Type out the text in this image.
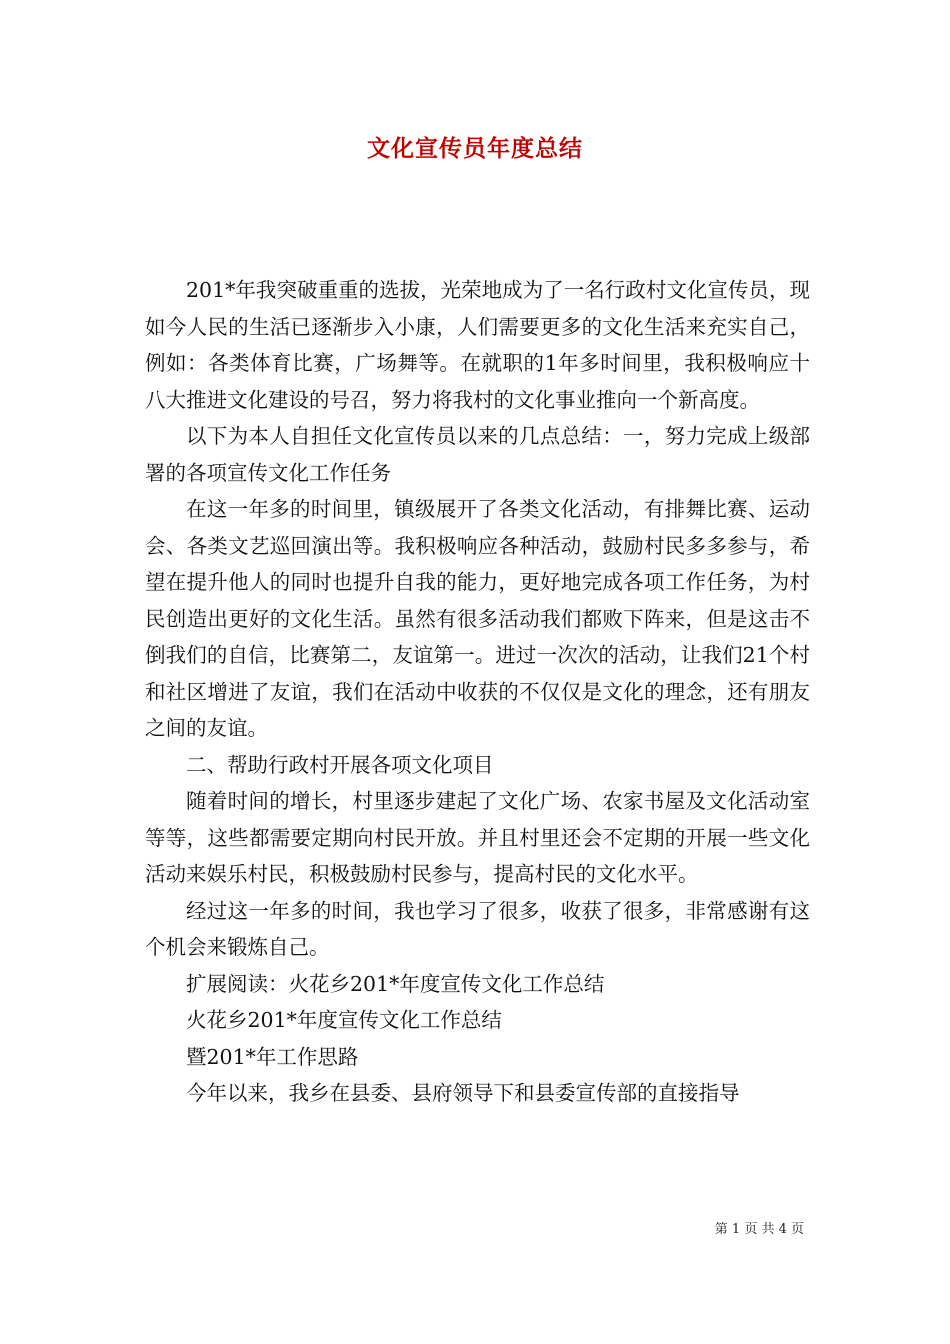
文化宣传员年度总结

201*年我突破重重的选拔，光荣地成为了一名行政村文化宣传员，现如今人民的生活已逐渐步入小康，人们需要更多的文化生活来充实自己，例如：各类体育比赛，广场舞等。在就职的1年多时间里，我积极响应十八大推进文化建设的号召，努力将我村的文化事业推向一个新高度。

以下为本人自担任文化宣传员以来的几点总结：一，努力完成上级部署的各项宣传文化工作任务

在这一年多的时间里，镇级展开了各类文化活动，有排舞比赛、运动会、各类文艺巡回演出等。我积极响应各种活动，鼓励村民多多参与，希望在提升他人的同时也提升自我的能力，更好地完成各项工作任务，为村民创造出更好的文化生活。虽然有很多活动我们都败下阵来，但是这击不倒我们的自信，比赛第二，友谊第一。进过一次次的活动，让我们21个村和社区增进了友谊，我们在活动中收获的不仅仅是文化的理念，还有朋友之间的友谊。

二、帮助行政村开展各项文化项目

随着时间的增长，村里逐步建起了文化广场、农家书屋及文化活动室等等，这些都需要定期向村民开放。并且村里还会不定期的开展一些文化活动来娱乐村民，积极鼓励村民参与，提高村民的文化水平。

经过这一年多的时间，我也学习了很多，收获了很多，非常感谢有这个机会来锻炼自己。

扩展阅读：火花乡201*年度宣传文化工作总结

火花乡201*年度宣传文化工作总结

暨201*年工作思路

今年以来，我乡在县委、县府领导下和县委宣传部的直接指导

第 1 页 共 4 页
